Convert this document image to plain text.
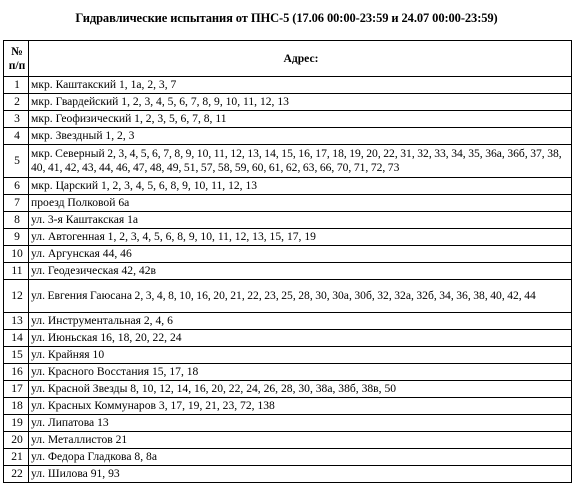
Гидравлические испытания от ПНС-5 (17.06 00:00-23:59 и 24.07 00:00-23:59)
№
п/п	Адрес:
1	мкр. Каштакский 1, 1а, 2, 3, 7
2	мкр. Гвардейский 1, 2, 3, 4, 5, 6, 7, 8, 9, 10, 11, 12, 13
3	мкр. Геофизический 1, 2, 3, 5, 6, 7, 8, 11
4	мкр. Звездный 1, 2, 3
5	мкр. Северный 2, 3, 4, 5, 6, 7, 8, 9, 10, 11, 12, 13, 14, 15, 16, 17, 18, 19, 20, 22, 31, 32, 33, 34, 35, 36а, 36б, 37, 38, 40, 41, 42, 43, 44, 46, 47, 48, 49, 51, 57, 58, 59, 60, 61, 62, 63, 66, 70, 71, 72, 73
6	мкр. Царский 1, 2, 3, 4, 5, 6, 8, 9, 10, 11, 12, 13
7	проезд Полковой 6а
8	ул. 3-я Каштакская 1а
9	ул. Автогенная 1, 2, 3, 4, 5, 6, 8, 9, 10, 11, 12, 13, 15, 17, 19
10	ул. Аргунская 44, 46
11	ул. Геодезическая 42, 42в
12	ул. Евгения Гаюсана 2, 3, 4, 8, 10, 16, 20, 21, 22, 23, 25, 28, 30, 30а, 30б, 32, 32а, 32б, 34, 36, 38, 40, 42, 44
13	ул. Инструментальная 2, 4, 6
14	ул. Июньская 16, 18, 20, 22, 24
15	ул. Крайняя 10
16	ул. Красного Восстания 15, 17, 18
17	ул. Красной Звезды 8, 10, 12, 14, 16, 20, 22, 24, 26, 28, 30, 38а, 38б, 38в, 50
18	ул. Красных Коммунаров 3, 17, 19, 21, 23, 72, 138
19	ул. Липатова 13
20	ул. Металлистов 21
21	ул. Федора Гладкова 8, 8а
22	ул. Шилова 91, 93
